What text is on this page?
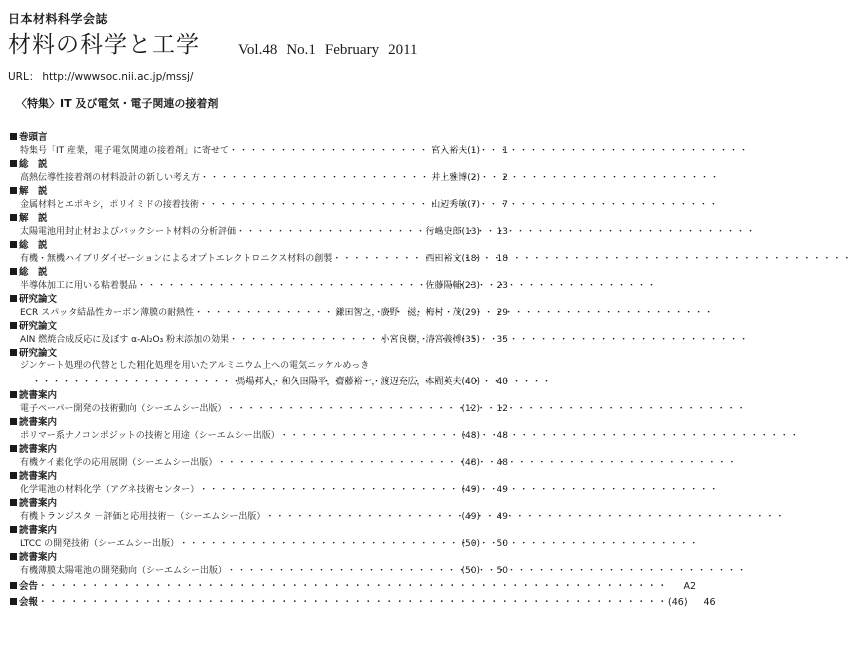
日本材料科学会誌
材料の科学と工学	Vol.48 No.1 February 2011
URL： http://wwwsoc.nii.ac.jp/mssj/
〈特集〉IT 及び電気・電子関連の接着剤
巻頭言
特集号「IT 産業，電子電気関連の接着剤」に寄せて ・・・・・・・・・・・・・・・・・・・・・・・・・・・・・・・・・・・・・・・・・・・・・・・・・・・・	宮入裕夫 (1)	1
総　説
高熱伝導性接着剤の材料設計の新しい考え方 ・・・・・・・・・・・・・・・・・・・・・・・・・・・・・・・・・・・・・・・・・・・・・・・・・・・・	井上雅博 (2)	2
解　説
金属材料とエポキシ，ポリイミドの接着技術 ・・・・・・・・・・・・・・・・・・・・・・・・・・・・・・・・・・・・・・・・・・・・・・・・・・・・	山辺秀敏 (7)	7
解　説
太陽電池用封止材およびバックシート材料の分析評価 ・・・・・・・・・・・・・・・・・・・・・・・・・・・・・・・・・・・・・・・・・・・・・・・・・・・・	行嶋史郎 (13)	13
総　説
有機・無機ハイブリダイゼーションによるオプトエレクトロニクス材料の創製 ・・・・・・・・・・・・・・・・・・・・・・・・・・・・・・・・・・・・・・・・・・・・・・・・・・・・	西田裕文 (18)	18
総　説
半導体加工に用いる粘着製品 ・・・・・・・・・・・・・・・・・・・・・・・・・・・・・・・・・・・・・・・・・・・・・・・・・・・・	佐藤陽輔 (23)	23
研究論文
ECR スパッタ結晶性カーボン薄膜の耐熱性 ・・・・・・・・・・・・・・・・・・・・・・・・・・・・・・・・・・・・・・・・・・・・・・・・・・・・	鎌田智之，廣野　滋，梅村　茂 (29)	29
研究論文
AlN 燃焼合成反応に及ぼす α-Al₂O₃ 粉末添加の効果 ・・・・・・・・・・・・・・・・・・・・・・・・・・・・・・・・・・・・・・・・・・・・・・・・・・・・	小宮良樹，清宮義博 (35)	35
研究論文
ジンケート処理の代替とした粗化処理を用いたアルミニウム上への電気ニッケルめっき
・・・・・・・・・・・・・・・・・・・・・・・・・・・・・・・・・・・・・・・・・・・・・・・・・・・・
馬場邦人，和久田陽平，齋藤裕一，渡辺充広，本間英夫 (40)	40
読書案内
電子ペーパー開発の技術動向（シーエムシー出版） ・・・・・・・・・・・・・・・・・・・・・・・・・・・・・・・・・・・・・・・・・・・・・・・・・・・・	(12)	12
読書案内
ポリマー系ナノコンポジットの技術と用途（シーエムシー出版） ・・・・・・・・・・・・・・・・・・・・・・・・・・・・・・・・・・・・・・・・・・・・・・・・・・・・	(48)	48
読書案内
有機ケイ素化学の応用展開（シーエムシー出版） ・・・・・・・・・・・・・・・・・・・・・・・・・・・・・・・・・・・・・・・・・・・・・・・・・・・・	(48)	48
読書案内
化学電池の材料化学（アグネ技術センター） ・・・・・・・・・・・・・・・・・・・・・・・・・・・・・・・・・・・・・・・・・・・・・・・・・・・・	(49)	49
読書案内
有機トランジスタ －評価と応用技術－（シーエムシー出版） ・・・・・・・・・・・・・・・・・・・・・・・・・・・・・・・・・・・・・・・・・・・・・・・・・・・・	(49)	49
読書案内
LTCC の開発技術（シーエムシー出版） ・・・・・・・・・・・・・・・・・・・・・・・・・・・・・・・・・・・・・・・・・・・・・・・・・・・・	(50)	50
読書案内
有機薄膜太陽電池の開発動向（シーエムシー出版） ・・・・・・・・・・・・・・・・・・・・・・・・・・・・・・・・・・・・・・・・・・・・・・・・・・・・	(50)	50
会告 ・・・・・・・・・・・・・・・・・・・・・・・・・・・・・・・・・・・・・・・・・・・・・・・・・・・・・・・・・・・・	A2
会報 ・・・・・・・・・・・・・・・・・・・・・・・・・・・・・・・・・・・・・・・・・・・・・・・・・・・・・・・・・・・・	(46)	46
